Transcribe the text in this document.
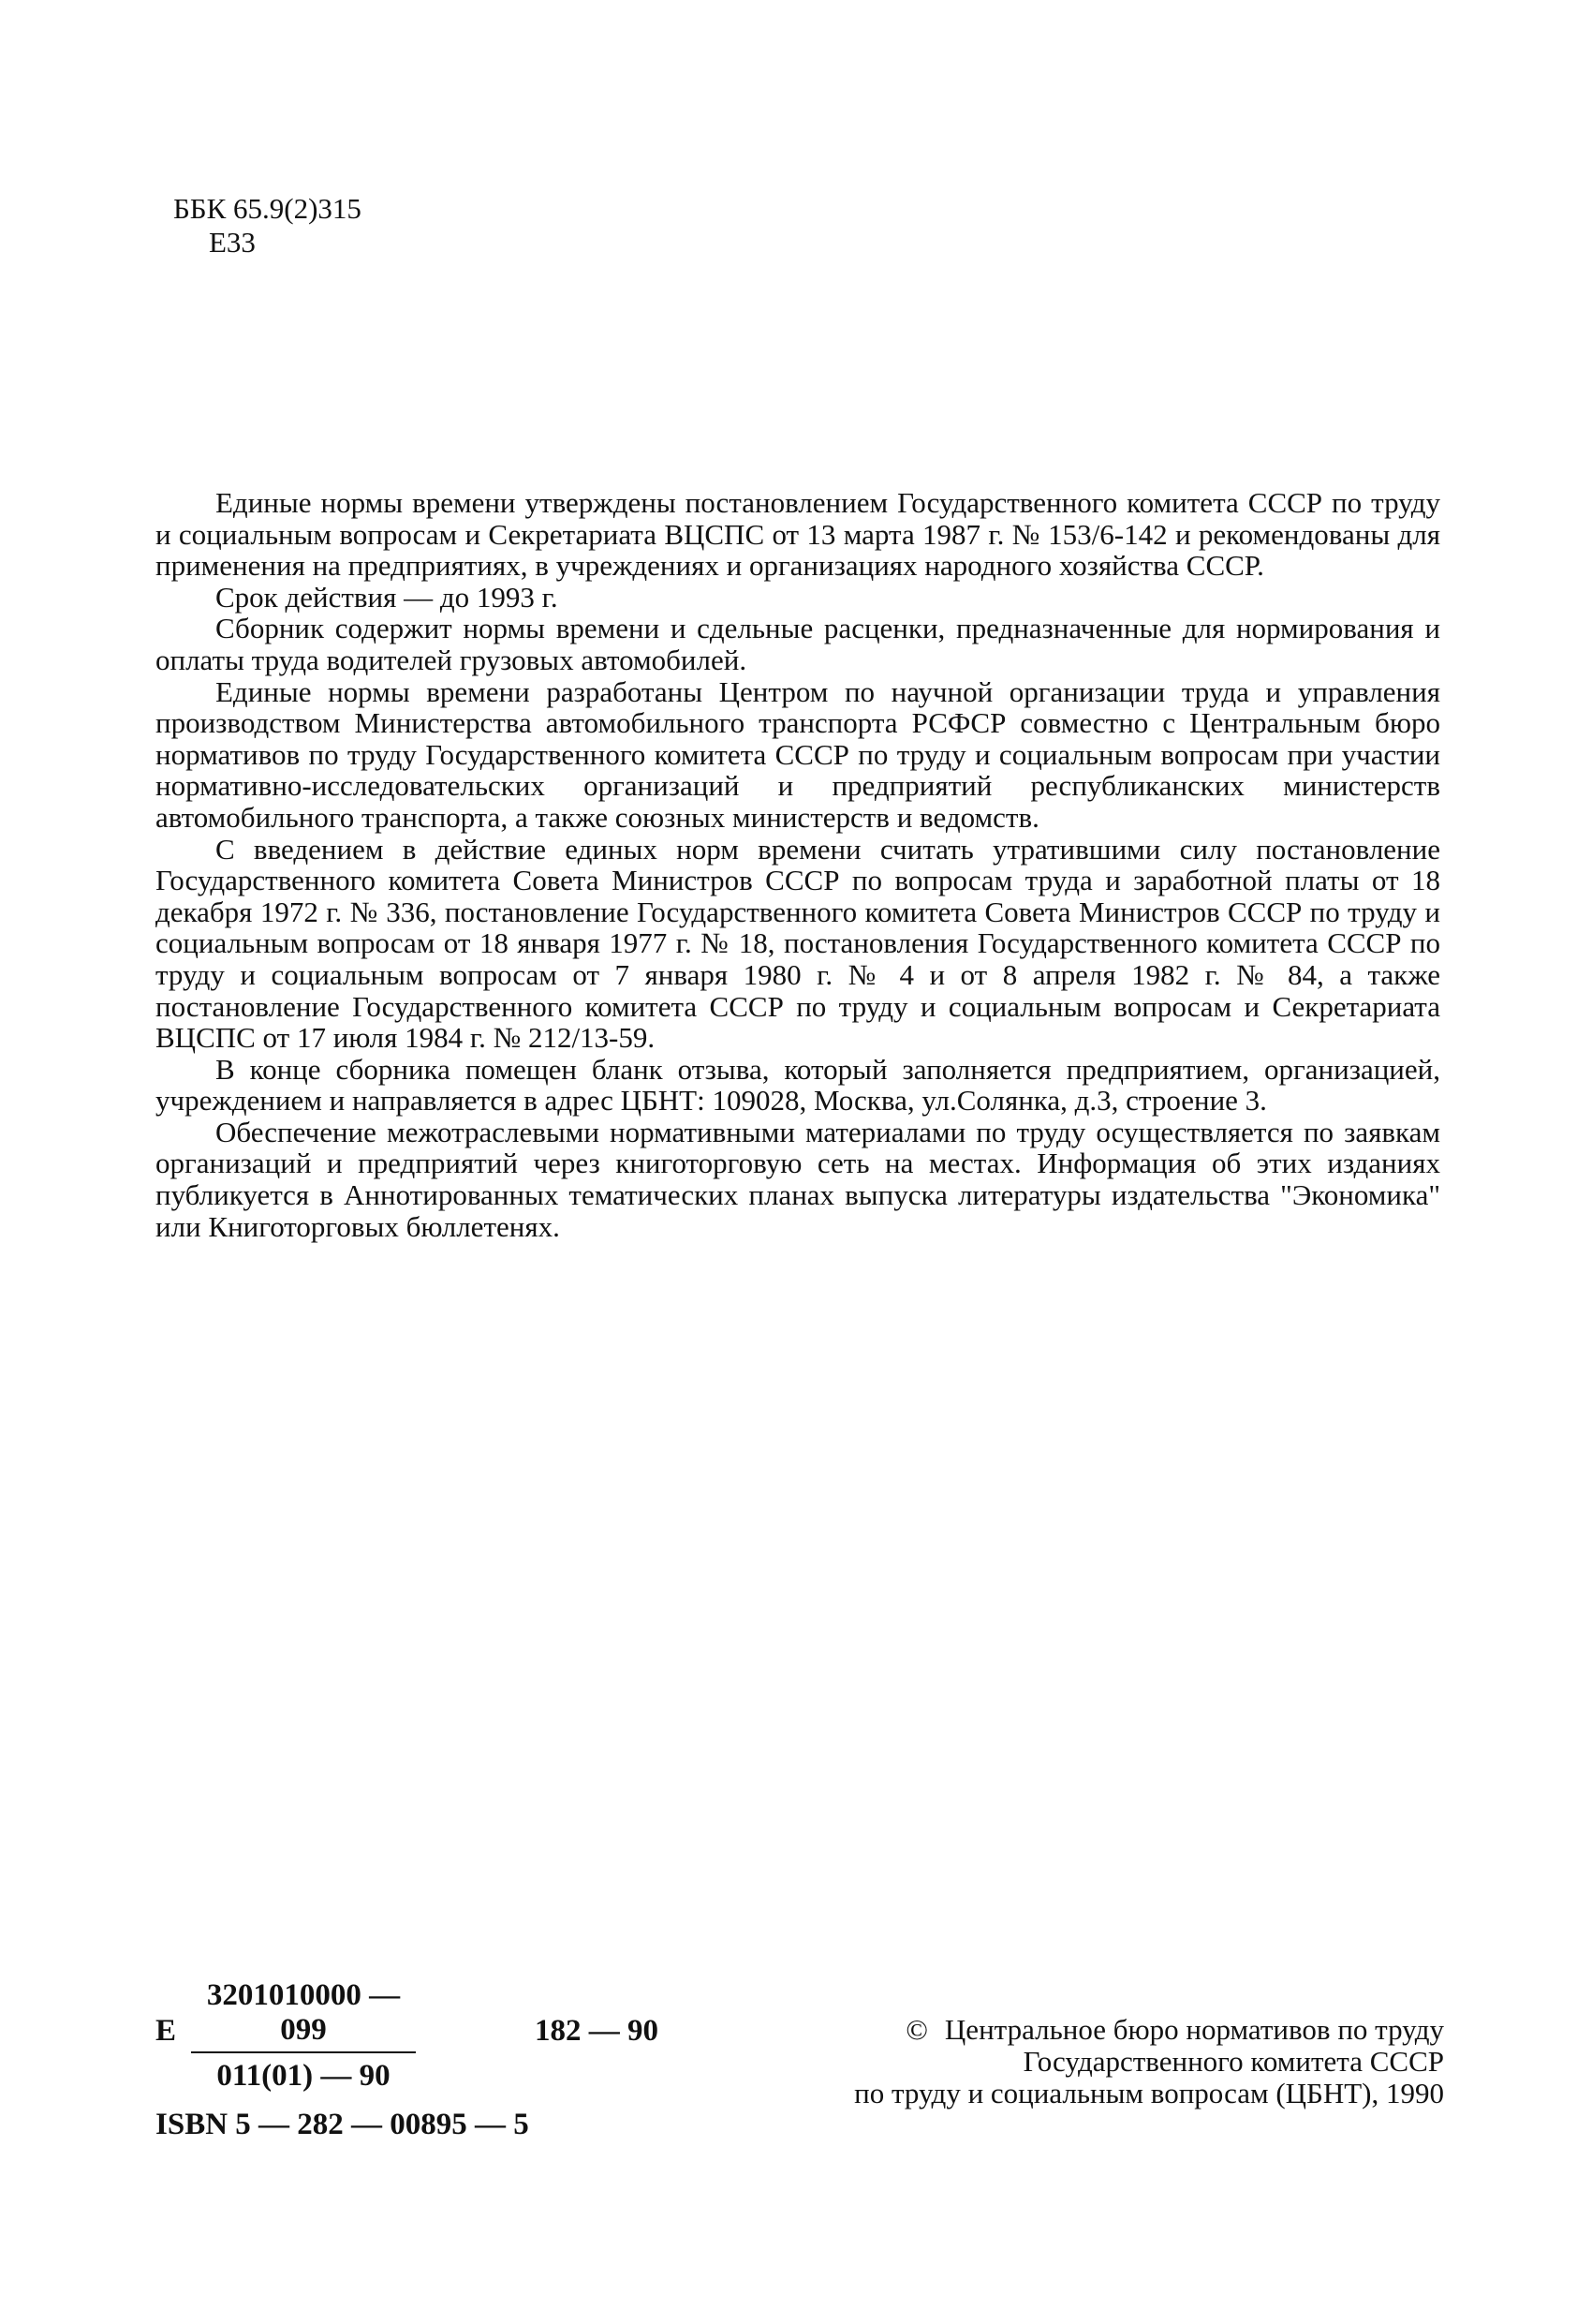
ББК 65.9(2)315
Е33

Единые нормы времени утверждены постановлением Государственного комитета СССР по труду и социальным вопросам и Секретариата ВЦСПС от 13 марта 1987 г. № 153/6-142 и рекомендованы для применения на предприятиях, в учреждениях и организациях народного хозяйства СССР.

Срок действия — до 1993 г.

Сборник содержит нормы времени и сдельные расценки, предназначенные для нормирования и оплаты труда водителей грузовых автомобилей.

Единые нормы времени разработаны Центром по научной организации труда и управления производством Министерства автомобильного транспорта РСФСР совместно с Центральным бюро нормативов по труду Государственного комитета СССР по труду и социальным вопросам при участии нормативно-исследовательских организаций и предприятий республиканских министерств автомобильного транспорта, а также союзных министерств и ведомств.

С введением в действие единых норм времени считать утратившими силу постановление Государственного комитета Совета Министров СССР по вопросам труда и заработной платы от 18 декабря 1972 г. № 336, постановление Государственного комитета Совета Министров СССР по труду и социальным вопросам от 18 января 1977 г. № 18, постановления Государственного комитета СССР по труду и социальным вопросам от 7 января 1980 г. № 4 и от 8 апреля 1982 г. № 84, а также постановление Государственного комитета СССР по труду и социальным вопросам и Секретариата ВЦСПС от 17 июля 1984 г. № 212/13-59.

В конце сборника помещен бланк отзыва, который заполняется предприятием, организацией, учреждением и направляется в адрес ЦБНТ: 109028, Москва, ул.Солянка, д.3, строение 3.

Обеспечение межотраслевыми нормативными материалами по труду осуществляется по заявкам организаций и предприятий через книготорговую сеть на местах. Информация об этих изданиях публикуется в Аннотированных тематических планах выпуска литературы издательства "Экономика" или Книготорговых бюллетенях.

Е $\frac{3201010000 — 099}{011(01) — 90}$	182 — 90
ISBN 5 — 282 — 00895 — 5
© Центральное бюро нормативов по труду
Государственного комитета СССР
по труду и социальным вопросам (ЦБНТ), 1990
